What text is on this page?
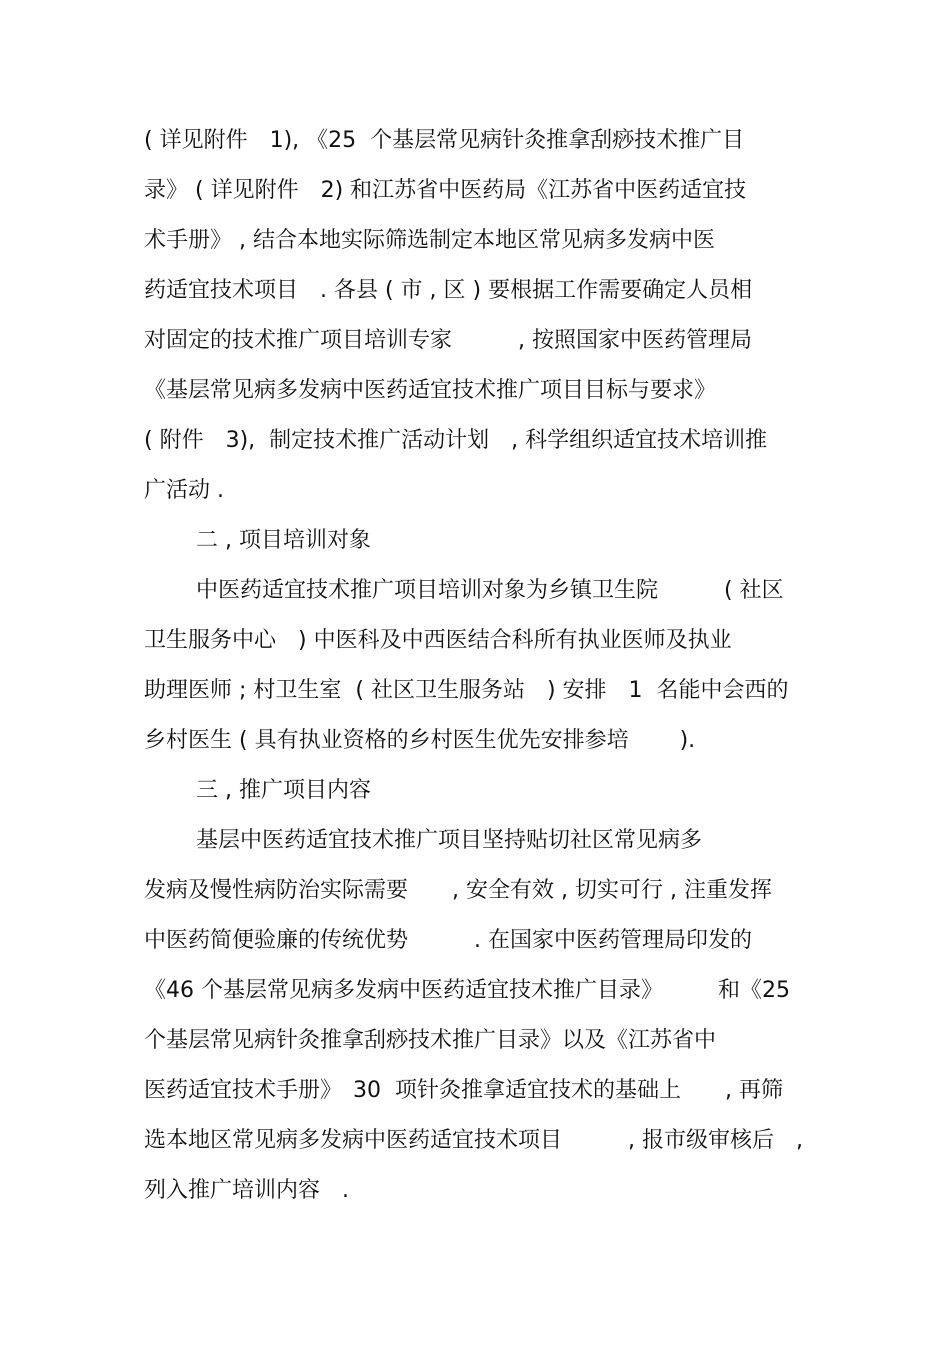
( 详见附件　1), 《25  个基层常见病针灸推拿刮痧技术推广目
录》 ( 详见附件　2) 和江苏省中医药局《江苏省中医药适宜技
术手册》 , 结合本地实际筛选制定本地区常见病多发病中医
药适宜技术项目　. 各县 ( 市 , 区 ) 要根据工作需要确定人员相
对固定的技术推广项目培训专家　　　, 按照国家中医药管理局
《基层常见病多发病中医药适宜技术推广项目目标与要求》
( 附件　3),  制定技术推广活动计划　, 科学组织适宜技术培训推
广活动 .
二 , 项目培训对象
中医药适宜技术推广项目培训对象为乡镇卫生院　　　( 社区
卫生服务中心　) 中医科及中西医结合科所有执业医师及执业
助理医师 ; 村卫生室  ( 社区卫生服务站　) 安排　1  名能中会西的
乡村医生 ( 具有执业资格的乡村医生优先安排参培　　 ).
三 , 推广项目内容
基层中医药适宜技术推广项目坚持贴切社区常见病多
发病及慢性病防治实际需要　　, 安全有效 , 切实可行 , 注重发挥
中医药简便验廉的传统优势　　　. 在国家中医药管理局印发的
《46 个基层常见病多发病中医药适宜技术推广目录》　　　和《25
个基层常见病针灸推拿刮痧技术推广目录》以及《江苏省中
医药适宜技术手册》　30  项针灸推拿适宜技术的基础上　　, 再筛
选本地区常见病多发病中医药适宜技术项目　　　, 报市级审核后　,
列入推广培训内容　.
